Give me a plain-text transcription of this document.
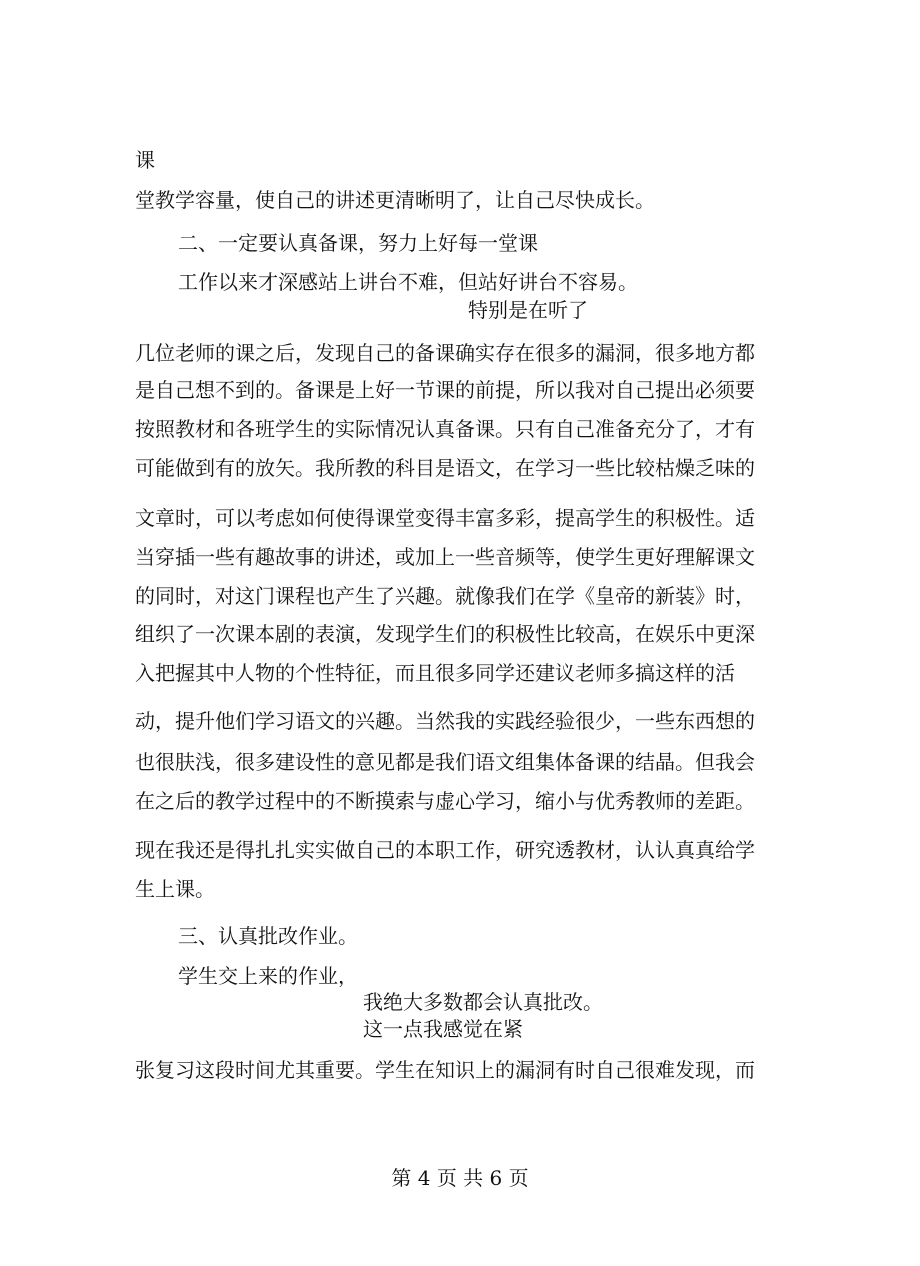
课
堂教学容量，使自己的讲述更清晰明了，让自己尽快成长。
二、一定要认真备课，努力上好每一堂课
工作以来才深感站上讲台不难，但站好讲台不容易。
特别是在听了
几位老师的课之后，发现自己的备课确实存在很多的漏洞，很多地方都
是自己想不到的。备课是上好一节课的前提，所以我对自己提出必须要
按照教材和各班学生的实际情况认真备课。只有自己准备充分了，才有
可能做到有的放矢。我所教的科目是语文，在学习一些比较枯燥乏味的
文章时，可以考虑如何使得课堂变得丰富多彩，提高学生的积极性。适
当穿插一些有趣故事的讲述，或加上一些音频等，使学生更好理解课文
的同时，对这门课程也产生了兴趣。就像我们在学《皇帝的新装》时，
组织了一次课本剧的表演，发现学生们的积极性比较高，在娱乐中更深
入把握其中人物的个性特征，而且很多同学还建议老师多搞这样的活
动，提升他们学习语文的兴趣。当然我的实践经验很少，一些东西想的
也很肤浅，很多建设性的意见都是我们语文组集体备课的结晶。但我会
在之后的教学过程中的不断摸索与虚心学习，缩小与优秀教师的差距。
现在我还是得扎扎实实做自己的本职工作，研究透教材，认认真真给学
生上课。
三、认真批改作业。
学生交上来的作业，
我绝大多数都会认真批改。
这一点我感觉在紧
张复习这段时间尤其重要。学生在知识上的漏洞有时自己很难发现，而
第 4 页 共 6 页
